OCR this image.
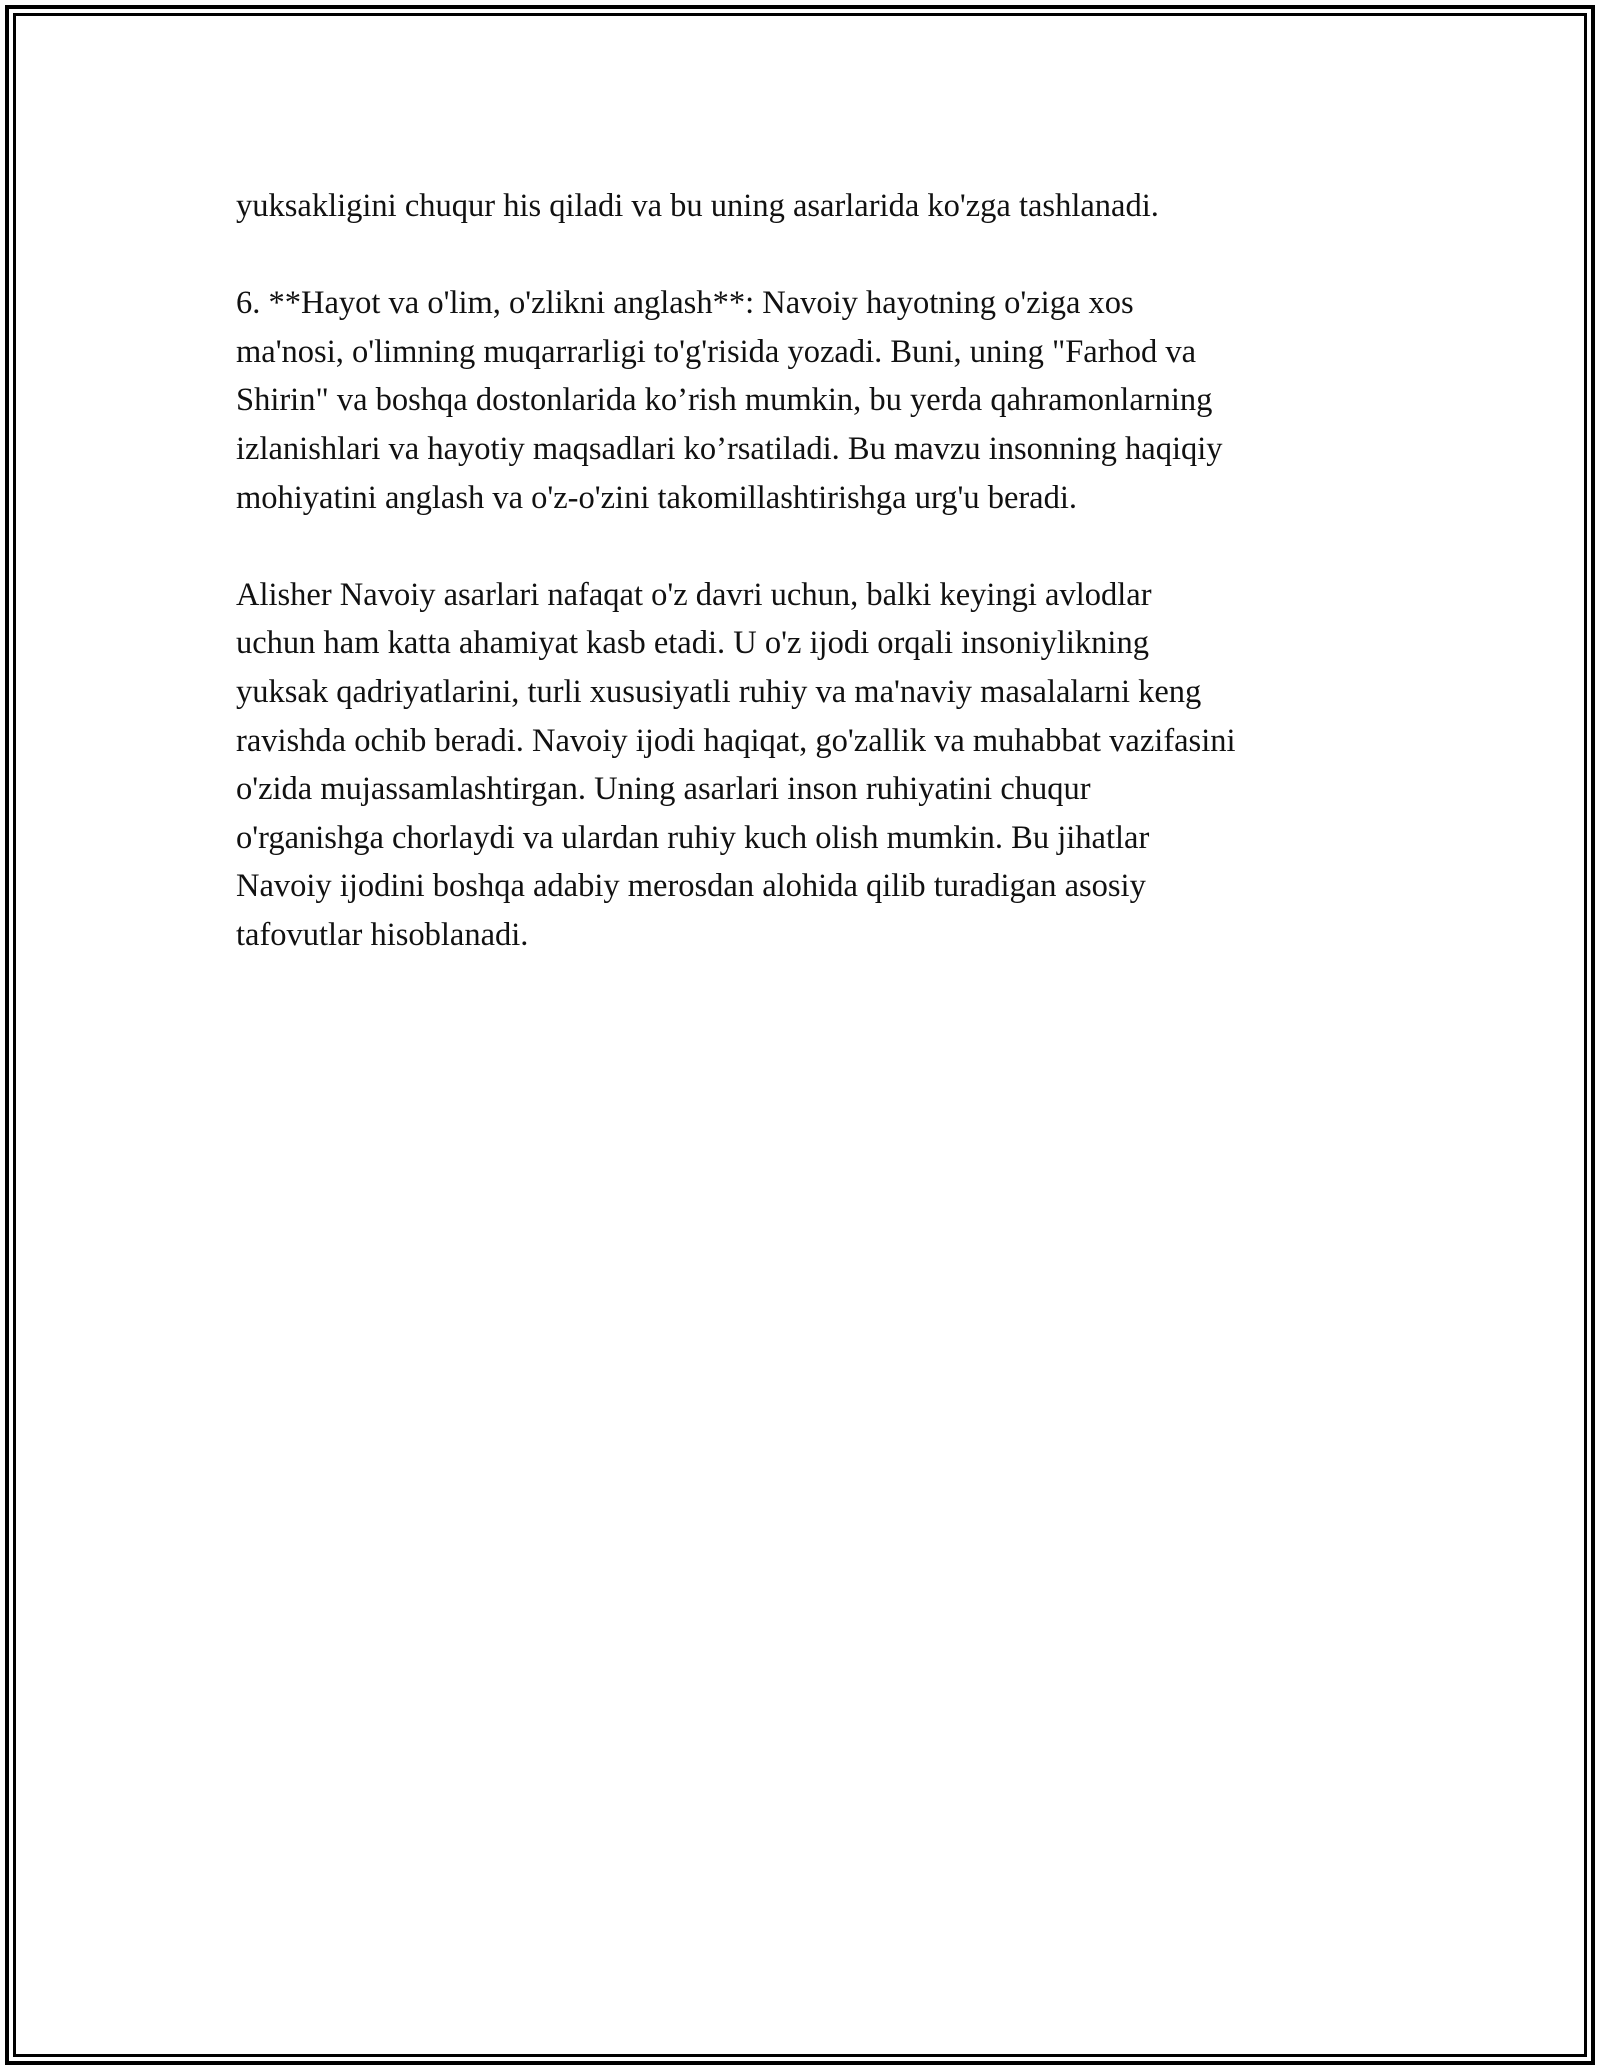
yuksakligini chuqur his qiladi va bu uning asarlarida ko'zga tashlanadi.
6. **Hayot va o'lim, o'zlikni anglash**: Navoiy hayotning o'ziga xos
ma'nosi, o'limning muqarrarligi to'g'risida yozadi. Buni, uning "Farhod va
Shirin" va boshqa dostonlarida ko’rish mumkin, bu yerda qahramonlarning
izlanishlari va hayotiy maqsadlari ko’rsatiladi. Bu mavzu insonning haqiqiy
mohiyatini anglash va o'z-o'zini takomillashtirishga urg'u beradi.
Alisher Navoiy asarlari nafaqat o'z davri uchun, balki keyingi avlodlar
uchun ham katta ahamiyat kasb etadi. U o'z ijodi orqali insoniylikning
yuksak qadriyatlarini, turli xususiyatli ruhiy va ma'naviy masalalarni keng
ravishda ochib beradi. Navoiy ijodi haqiqat, go'zallik va muhabbat vazifasini
o'zida mujassamlashtirgan. Uning asarlari inson ruhiyatini chuqur
o'rganishga chorlaydi va ulardan ruhiy kuch olish mumkin. Bu jihatlar
Navoiy ijodini boshqa adabiy merosdan alohida qilib turadigan asosiy
tafovutlar hisoblanadi.
